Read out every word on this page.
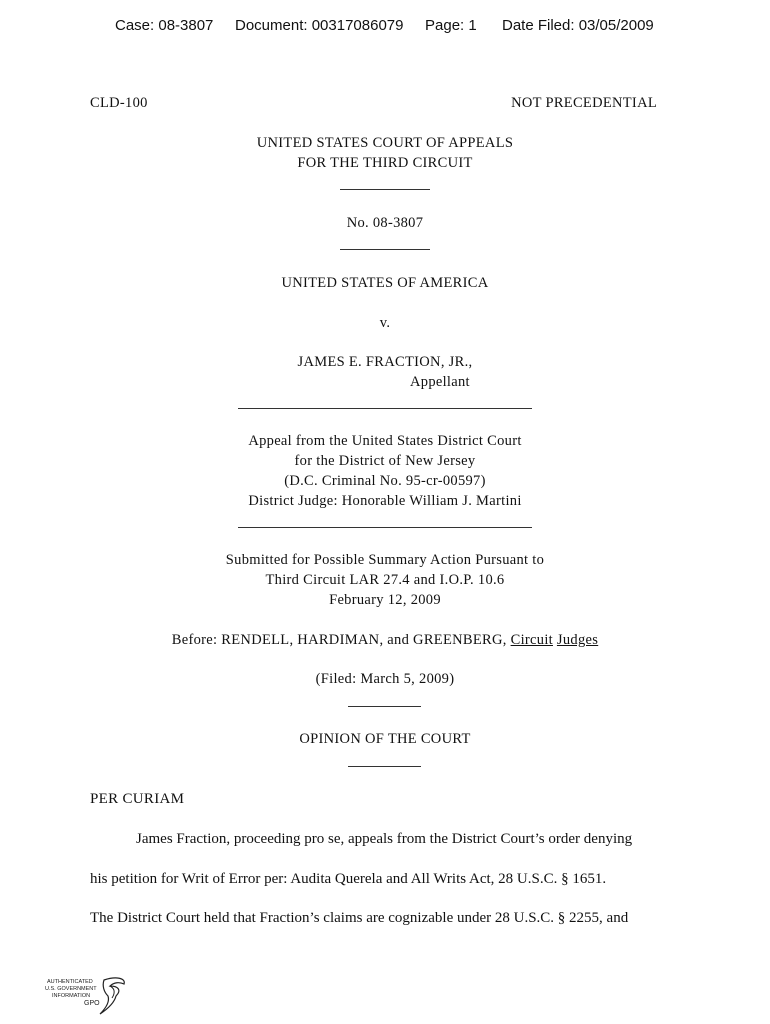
Case: 08-3807 Document: 00317086079 Page: 1 Date Filed: 03/05/2009
CLD-100	NOT PRECEDENTIAL
UNITED STATES COURT OF APPEALS
FOR THE THIRD CIRCUIT
No. 08-3807
UNITED STATES OF AMERICA
v.
JAMES E. FRACTION, JR.,
Appellant
Appeal from the United States District Court
for the District of New Jersey
(D.C. Criminal No. 95-cr-00597)
District Judge: Honorable William J. Martini
Submitted for Possible Summary Action Pursuant to
Third Circuit LAR 27.4 and I.O.P. 10.6
February 12, 2009
Before: RENDELL, HARDIMAN, and GREENBERG, Circuit Judges
(Filed: March 5, 2009)
OPINION OF THE COURT
PER CURIAM
James Fraction, proceeding pro se, appeals from the District Court’s order denying
his petition for Writ of Error per: Audita Querela and All Writs Act, 28 U.S.C. § 1651.
The District Court held that Fraction’s claims are cognizable under 28 U.S.C. § 2255, and
AUTHENTICATED
U.S. GOVERNMENT
INFORMATION
GPO
